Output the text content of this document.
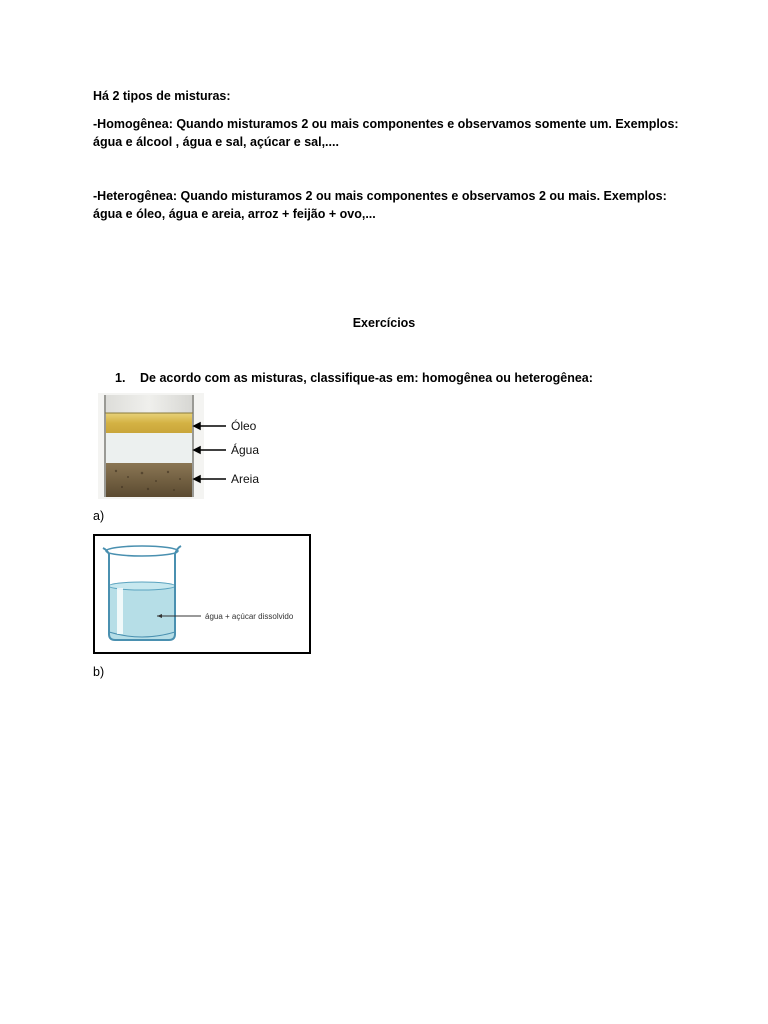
Há 2 tipos de misturas:
-Homogênea: Quando misturamos 2 ou mais componentes e observamos somente um. Exemplos:
água e álcool , água e sal, açúcar e sal,....
-Heterogênea: Quando misturamos 2 ou mais componentes e observamos 2 ou mais. Exemplos:
água e óleo, água e areia, arroz + feijão + ovo,...
Exercícios
1. De acordo com as misturas, classifique-as em: homogênea ou heterogênea:
Óleo
Água
Areia
a)
água + açúcar dissolvido
b)
